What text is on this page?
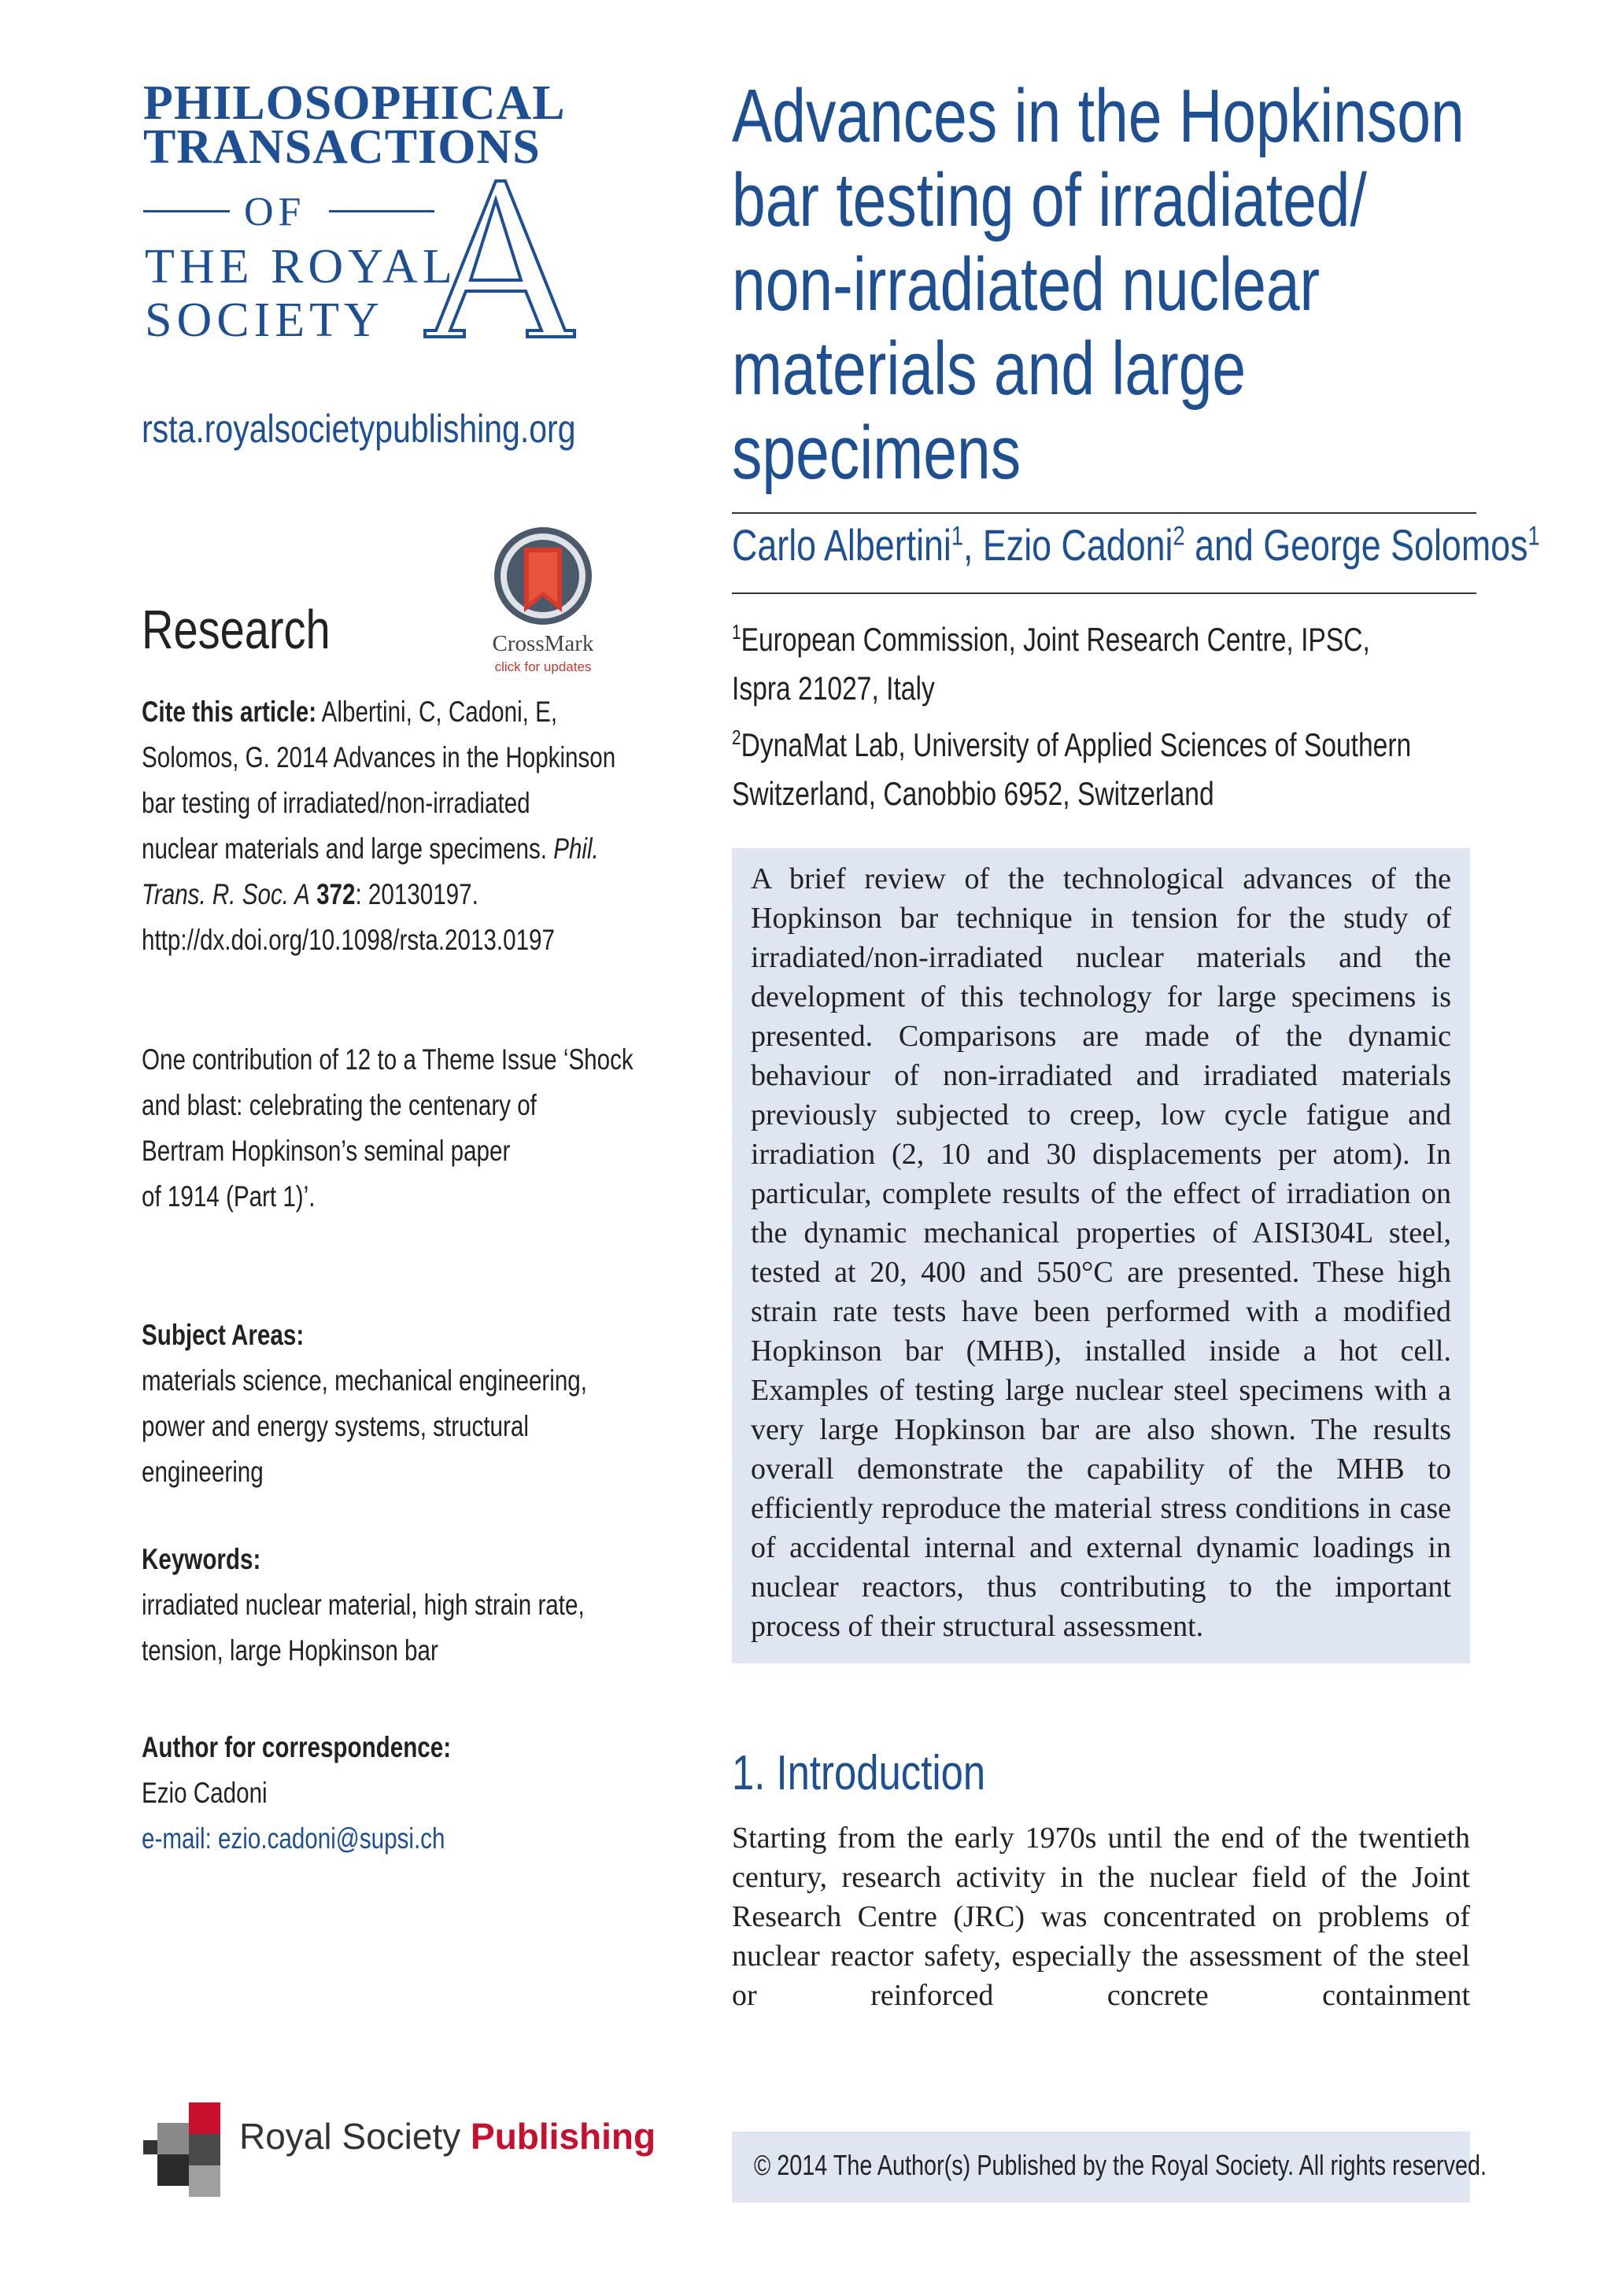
PHILOSOPHICAL
TRANSACTIONS
OF
THE ROYAL
SOCIETY
rsta.royalsocietypublishing.org
CrossMark
click for updates
Research
Cite this article: Albertini, C, Cadoni, E,
Solomos, G. 2014 Advances in the Hopkinson
bar testing of irradiated/non-irradiated
nuclear materials and large specimens. Phil.
Trans. R. Soc. A 372: 20130197.
http://dx.doi.org/10.1098/rsta.2013.0197
One contribution of 12 to a Theme Issue ‘Shock
and blast: celebrating the centenary of
Bertram Hopkinson’s seminal paper
of 1914 (Part 1)’.
Subject Areas:
materials science, mechanical engineering,
power and energy systems, structural
engineering
Keywords:
irradiated nuclear material, high strain rate,
tension, large Hopkinson bar
Author for correspondence:
Ezio Cadoni
e-mail: ezio.cadoni@supsi.ch
Advances in the Hopkinson
bar testing of irradiated/
non-irradiated nuclear
materials and large
specimens
Carlo Albertini$^1$, Ezio Cadoni$^2$ and George Solomos$^1$
$^1$European Commission, Joint Research Centre, IPSC,
Ispra 21027, Italy
$^2$DynaMat Lab, University of Applied Sciences of Southern
Switzerland, Canobbio 6952, Switzerland
A brief review of the technological advances of the Hopkinson bar technique in tension for the study of irradiated/non-irradiated nuclear materials and the development of this technology for large specimens is presented. Comparisons are made of the dynamic behaviour of non-irradiated and irradiated materials previously subjected to creep, low cycle fatigue and irradiation (2, 10 and 30 displacements per atom). In particular, complete results of the effect of irradiation on the dynamic mechanical properties of AISI304L steel, tested at 20, 400 and 550°C are presented. These high strain rate tests have been performed with a modified Hopkinson bar (MHB), installed inside a hot cell. Examples of testing large nuclear steel specimens with a very large Hopkinson bar are also shown. The results overall demonstrate the capability of the MHB to efficiently reproduce the material stress conditions in case of accidental internal and external dynamic loadings in nuclear reactors, thus contributing to the important process of their structural assessment.
1. Introduction
Starting from the early 1970s until the end of the twentieth century, research activity in the nuclear field of the Joint Research Centre (JRC) was concentrated on problems of nuclear reactor safety, especially the assessment of the steel or reinforced concrete containment
Royal Society Publishing
© 2014 The Author(s) Published by the Royal Society. All rights reserved.
